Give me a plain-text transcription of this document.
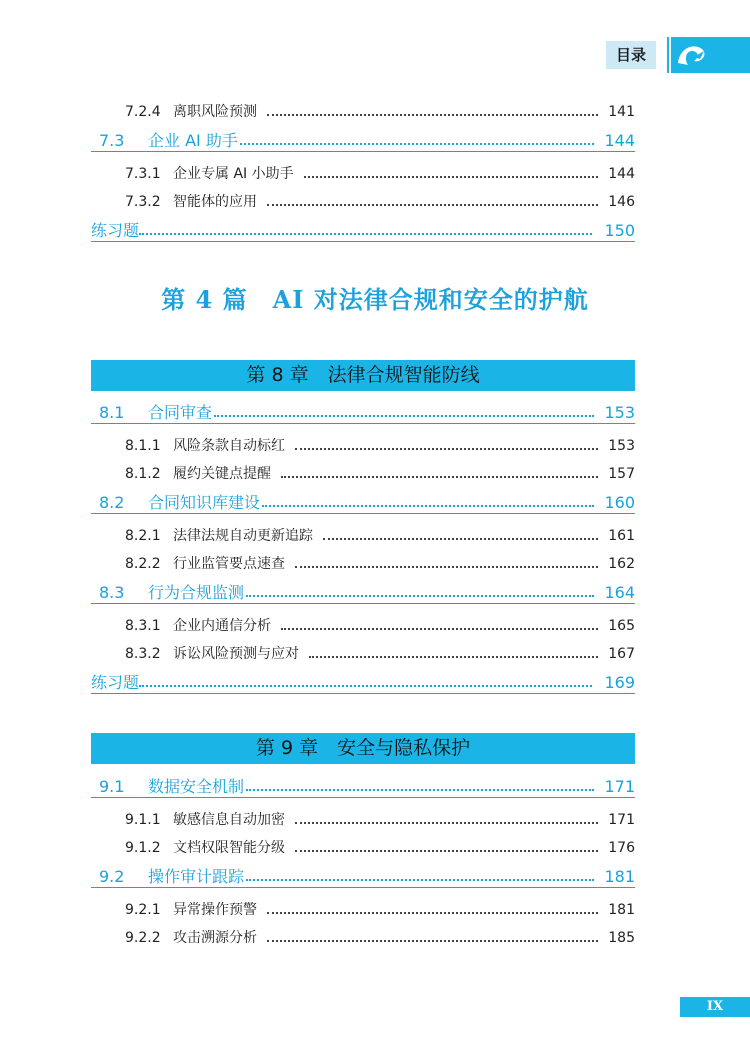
目录
7.2.4 离职风险预测	141
7.3	企业 AI 助手	144
7.3.1 企业专属 AI 小助手	144
7.3.2 智能体的应用	146
练习题	150
第 4 篇　AI 对法律合规和安全的护航
第 8 章　法律合规智能防线
8.1	合同审查	153
8.1.1 风险条款自动标红	153
8.1.2 履约关键点提醒	157
8.2	合同知识库建设	160
8.2.1 法律法规自动更新追踪	161
8.2.2 行业监管要点速查	162
8.3	行为合规监测	164
8.3.1 企业内通信分析	165
8.3.2 诉讼风险预测与应对	167
练习题	169
第 9 章　安全与隐私保护
9.1	数据安全机制	171
9.1.1 敏感信息自动加密	171
9.1.2 文档权限智能分级	176
9.2	操作审计跟踪	181
9.2.1 异常操作预警	181
9.2.2 攻击溯源分析	185
IX
